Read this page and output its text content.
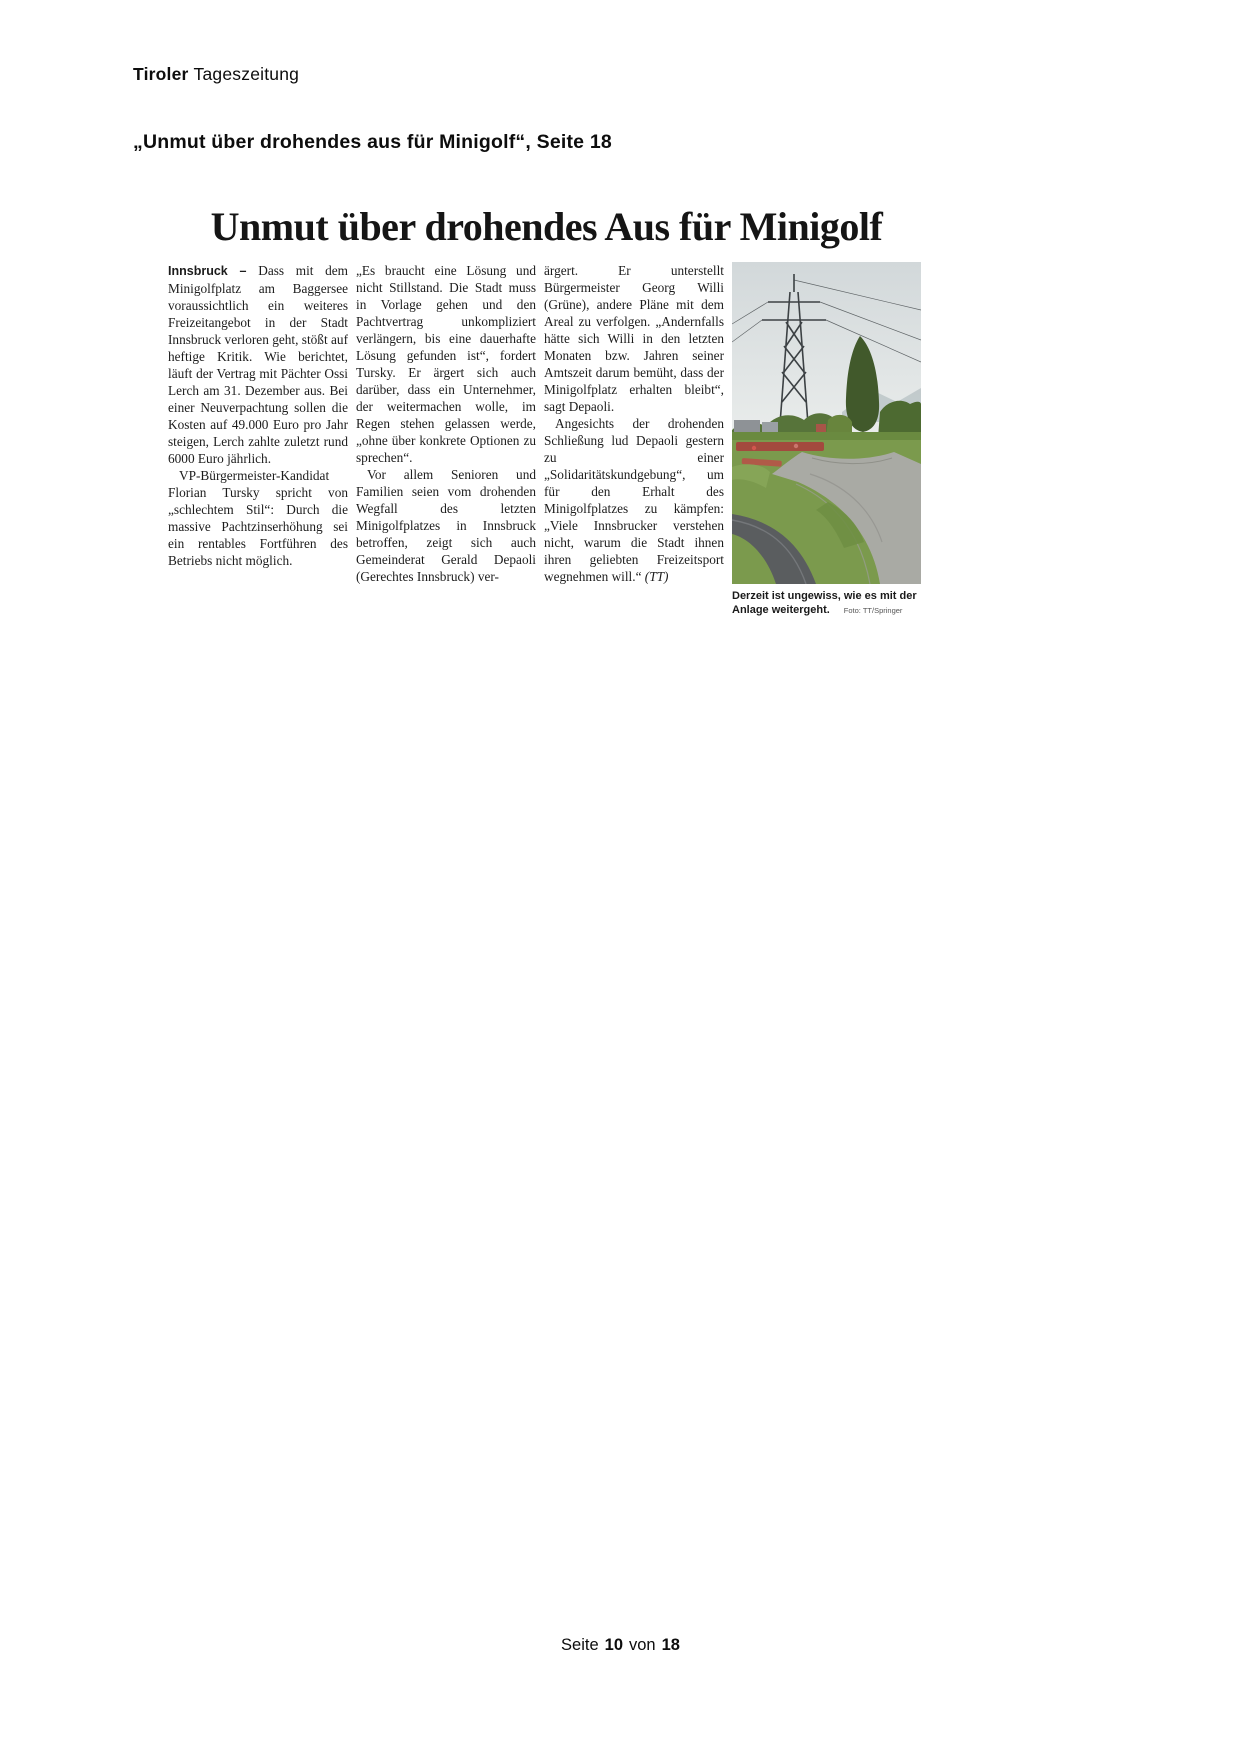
Tiroler Tageszeitung
„Unmut über drohendes aus für Minigolf“, Seite 18
Unmut über drohendes Aus für Minigolf

Innsbruck – Dass mit dem Minigolfplatz am Baggersee voraussichtlich ein weiteres Freizeitangebot in der Stadt Innsbruck verloren geht, stößt auf heftige Kritik. Wie berichtet, läuft der Vertrag mit Pächter Ossi Lerch am 31. Dezember aus. Bei einer Neuverpachtung sollen die Kosten auf 49.000 Euro pro Jahr steigen, Lerch zahlte zuletzt rund 6000 Euro jährlich.

VP-Bürgermeister-Kandidat Florian Tursky spricht von „schlechtem Stil“: Durch die massive Pachtzinserhöhung sei ein rentables Fortführen des Betriebs nicht möglich.

„Es braucht eine Lösung und nicht Stillstand. Die Stadt muss in Vorlage gehen und den Pachtvertrag unkompliziert verlängern, bis eine dauerhafte Lösung gefunden ist“, fordert Tursky. Er ärgert sich auch darüber, dass ein Unternehmer, der weitermachen wolle, im Regen stehen gelassen werde, „ohne über konkrete Optionen zu sprechen“.

Vor allem Senioren und Familien seien vom drohenden Wegfall des letzten Minigolfplatzes in Innsbruck betroffen, zeigt sich auch Gemeinderat Gerald Depaoli (Gerechtes Innsbruck) ver-

ärgert. Er unterstellt Bürgermeister Georg Willi (Grüne), andere Pläne mit dem Areal zu verfolgen. „Andernfalls hätte sich Willi in den letzten Monaten bzw. Jahren seiner Amtszeit darum bemüht, dass der Minigolfplatz erhalten bleibt“, sagt Depaoli.

Angesichts der drohenden Schließung lud Depaoli gestern zu einer „Solidaritätskundgebung“, um für den Erhalt des Minigolfplatzes zu kämpfen: „Viele Innsbrucker verstehen nicht, warum die Stadt ihnen ihren geliebten Freizeitsport wegnehmen will.“ (TT)

Derzeit ist ungewiss, wie es mit der
Anlage weitergeht. Foto: TT/Springer
Seite 10 von 18
